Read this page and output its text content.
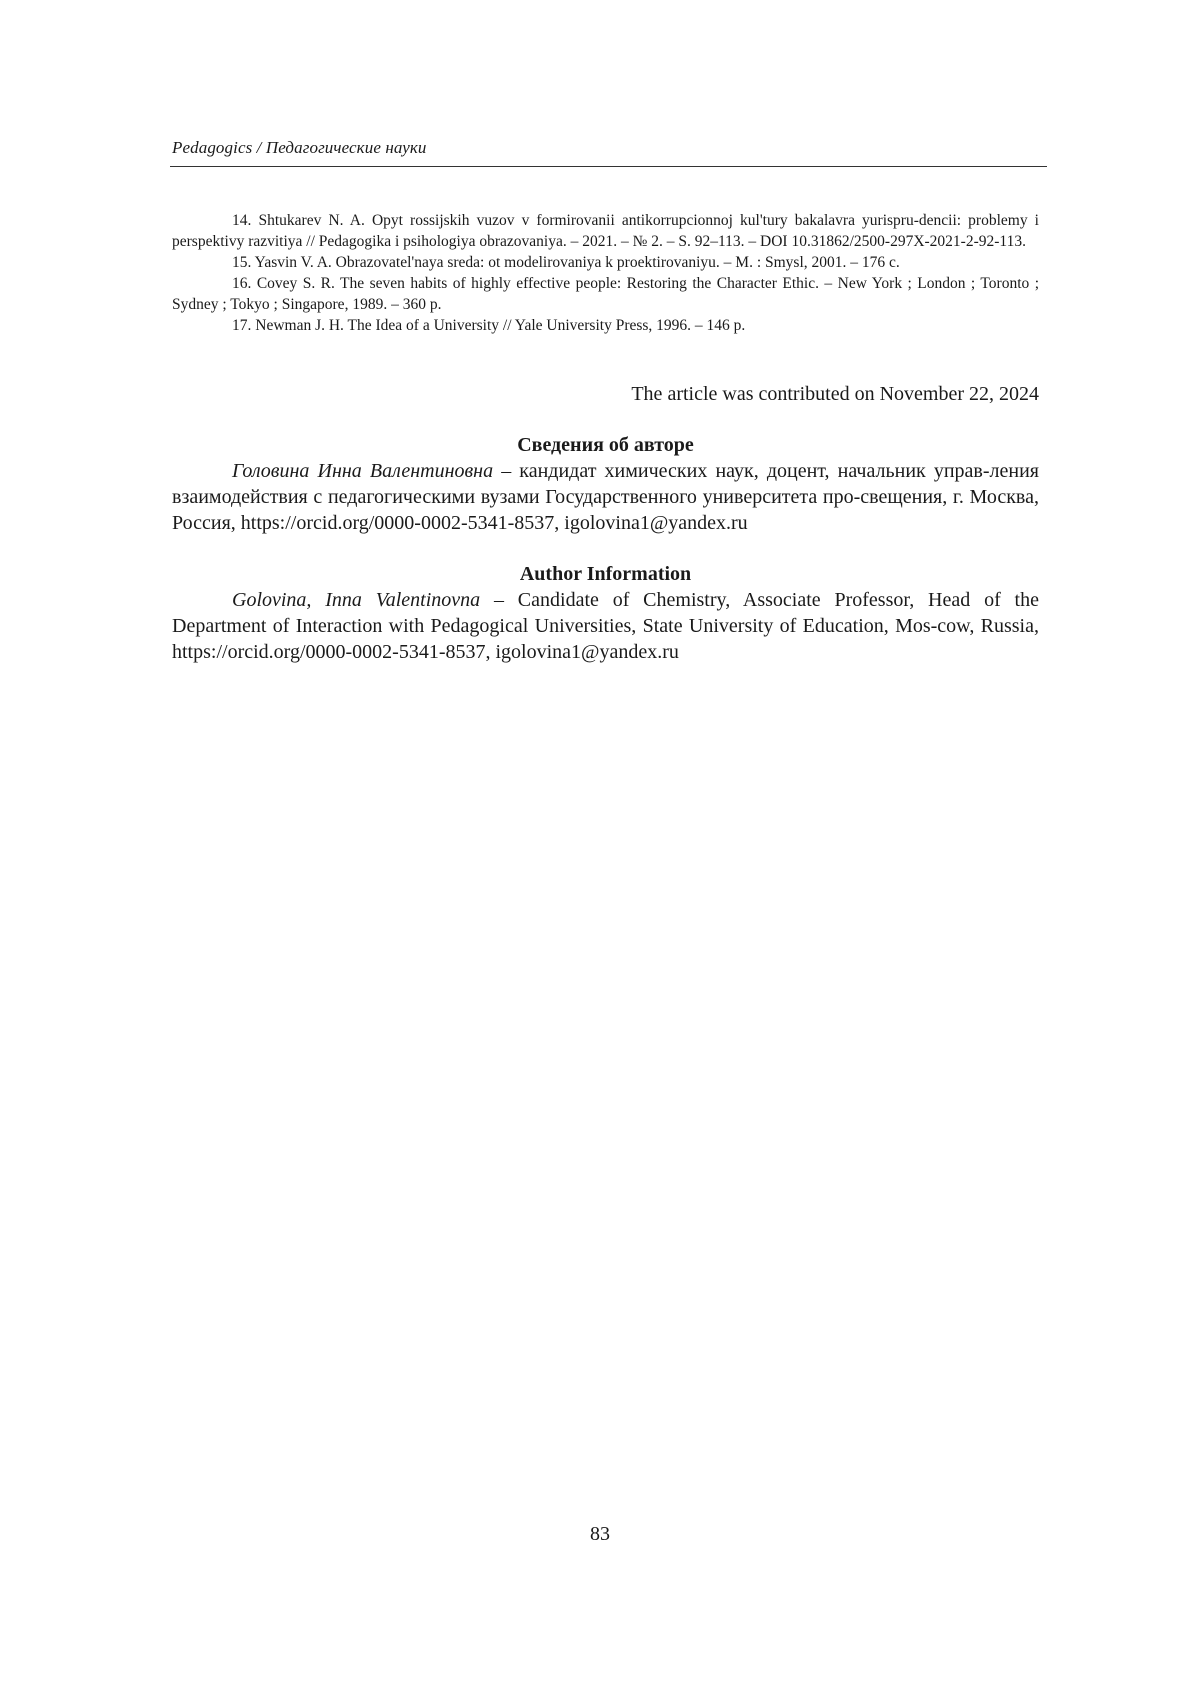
Pedagogics / Педагогические науки

14. Shtukarev N. A. Opyt rossijskih vuzov v formirovanii antikorrupcionnoj kul'tury bakalavra yurispru-dencii: problemy i perspektivy razvitiya // Pedagogika i psihologiya obrazovaniya. – 2021. – № 2. – S. 92–113. – DOI 10.31862/2500-297X-2021-2-92-113.

15. Yasvin V. A. Obrazovatel'naya sreda: ot modelirovaniya k proektirovaniyu. – M. : Smysl, 2001. – 176 с.

16. Covey S. R. The seven habits of highly effective people: Restoring the Character Ethic. – New York ; London ; Toronto ; Sydney ; Tokyo ; Singapore, 1989. – 360 p.

17. Newman J. H. The Idea of a University // Yale University Press, 1996. – 146 p.

The article was contributed on November 22, 2024

Сведения об авторе

Головина Инна Валентиновна – кандидат химических наук, доцент, начальник управ-ления взаимодействия с педагогическими вузами Государственного университета про-свещения, г. Москва, Россия, https://orcid.org/0000-0002-5341-8537, igolovina1@yandex.ru

Author Information

Golovina, Inna Valentinovna – Candidate of Chemistry, Associate Professor, Head of the Department of Interaction with Pedagogical Universities, State University of Education, Mos-cow, Russia, https://orcid.org/0000-0002-5341-8537, igolovina1@yandex.ru

83
